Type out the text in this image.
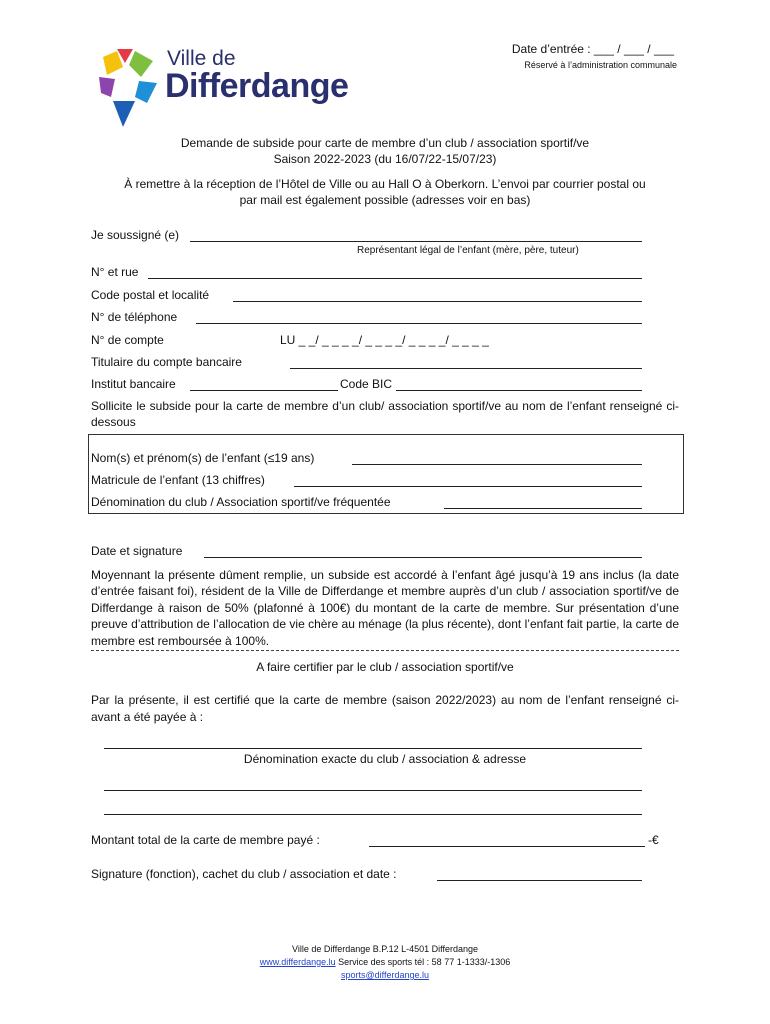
Ville de
Differdange
Date d’entrée : ___ / ___ / ___
Réservé à l’administration communale
Demande de subside pour carte de membre d’un club / association sportif/ve
Saison 2022-2023 (du 16/07/22-15/07/23)
À remettre à la réception de l’Hôtel de Ville ou au Hall O à Oberkorn. L’envoi par courrier postal ou
par mail est également possible (adresses voir en bas)
Je soussigné (e)
Représentant légal de l’enfant (mère, père, tuteur)
N° et rue
Code postal et localité
N° de téléphone
N° de compte	LU _ _/ _ _ _ _/ _ _ _ _/ _ _ _ _/ _ _ _ _
Titulaire du compte bancaire
Institut bancaire	Code BIC
Sollicite le subside pour la carte de membre d’un club/ association sportif/ve au nom de l’enfant renseigné ci-dessous
Nom(s) et prénom(s) de l’enfant (≤19 ans)
Matricule de l’enfant (13 chiffres)
Dénomination du club / Association sportif/ve fréquentée
Date et signature
Moyennant la présente dûment remplie, un subside est accordé à l’enfant âgé jusqu’à 19 ans inclus (la date d’entrée faisant foi), résident de la Ville de Differdange et membre auprès d’un club / association sportif/ve de Differdange à raison de 50% (plafonné à 100€) du montant de la carte de membre. Sur présentation d’une preuve d’attribution de l’allocation de vie chère au ménage (la plus récente), dont l’enfant fait partie, la carte de membre est remboursée à 100%.
A faire certifier par le club / association sportif/ve
Par la présente, il est certifié que la carte de membre (saison 2022/2023) au nom de l’enfant renseigné ci-avant a été payée à :
Dénomination exacte du club / association & adresse
Montant total de la carte de membre payé :	-€
Signature (fonction), cachet du club / association et date :
Ville de Differdange B.P.12 L-4501 Differdange
www.differdange.lu Service des sports tél : 58 77 1-1333/-1306
sports@differdange.lu
